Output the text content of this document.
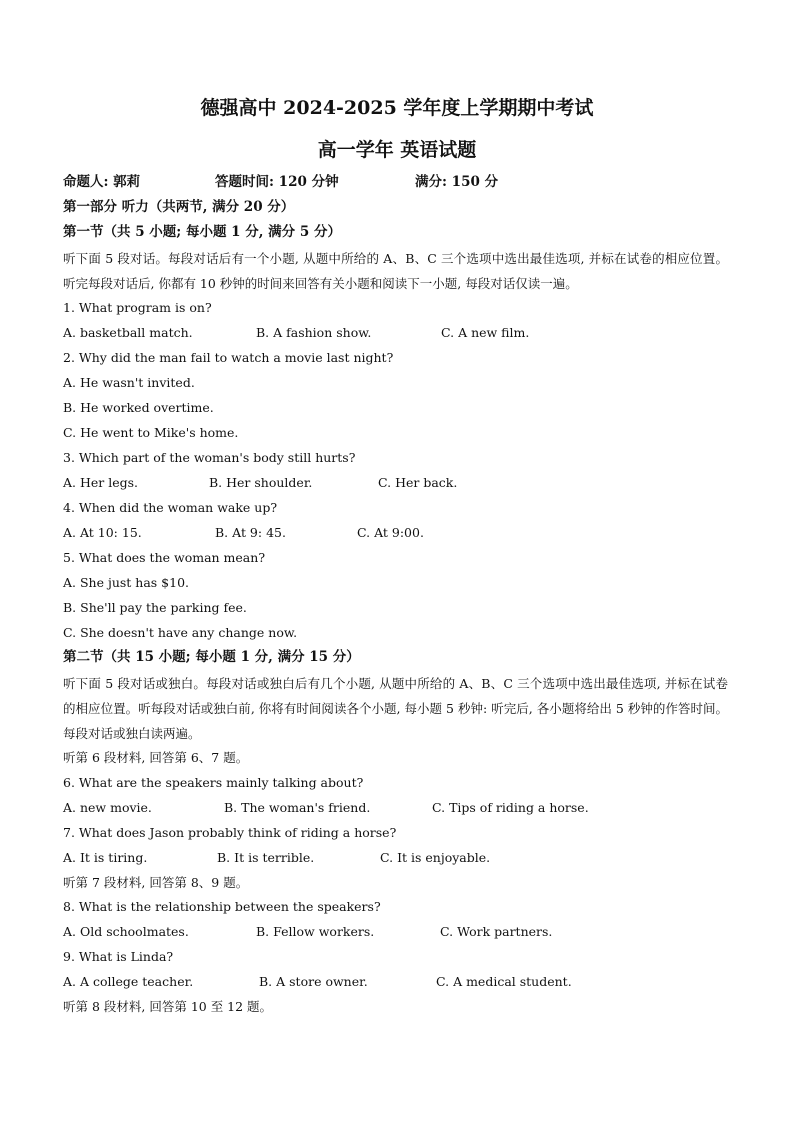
德强高中 2024-2025 学年度上学期期中考试
高一学年 英语试题
命题人: 郭莉	答题时间: 120 分钟	满分: 150 分
第一部分 听力（共两节, 满分 20 分）
第一节（共 5 小题; 每小题 1 分, 满分 5 分）
听下面 5 段对话。每段对话后有一个小题, 从题中所给的 A、B、C 三个选项中选出最佳选项, 并标在试卷的相应位置。听完每段对话后, 你都有 10 秒钟的时间来回答有关小题和阅读下一小题, 每段对话仅读一遍。
1. What program is on?
A. basketball match.	B. A fashion show.	C. A new film.
2. Why did the man fail to watch a movie last night?
A. He wasn't invited.
B. He worked overtime.
C. He went to Mike's home.
3. Which part of the woman's body still hurts?
A. Her legs.	B. Her shoulder.	C. Her back.
4. When did the woman wake up?
A. At 10: 15.	B. At 9: 45.	C. At 9:00.
5. What does the woman mean?
A. She just has $10.
B. She'll pay the parking fee.
C. She doesn't have any change now.
第二节（共 15 小题; 每小题 1 分, 满分 15 分）
听下面 5 段对话或独白。每段对话或独白后有几个小题, 从题中所给的 A、B、C 三个选项中选出最佳选项, 并标在试卷的相应位置。听每段对话或独白前, 你将有时间阅读各个小题, 每小题 5 秒钟: 听完后, 各小题将给出 5 秒钟的作答时间。每段对话或独白读两遍。
听第 6 段材料, 回答第 6、7 题。
6. What are the speakers mainly talking about?
A. new movie.	B. The woman's friend.	C. Tips of riding a horse.
7. What does Jason probably think of riding a horse?
A. It is tiring.	B. It is terrible.	C. It is enjoyable.
听第 7 段材料, 回答第 8、9 题。
8. What is the relationship between the speakers?
A. Old schoolmates.	B. Fellow workers.	C. Work partners.
9. What is Linda?
A. A college teacher.	B. A store owner.	C. A medical student.
听第 8 段材料, 回答第 10 至 12 题。
